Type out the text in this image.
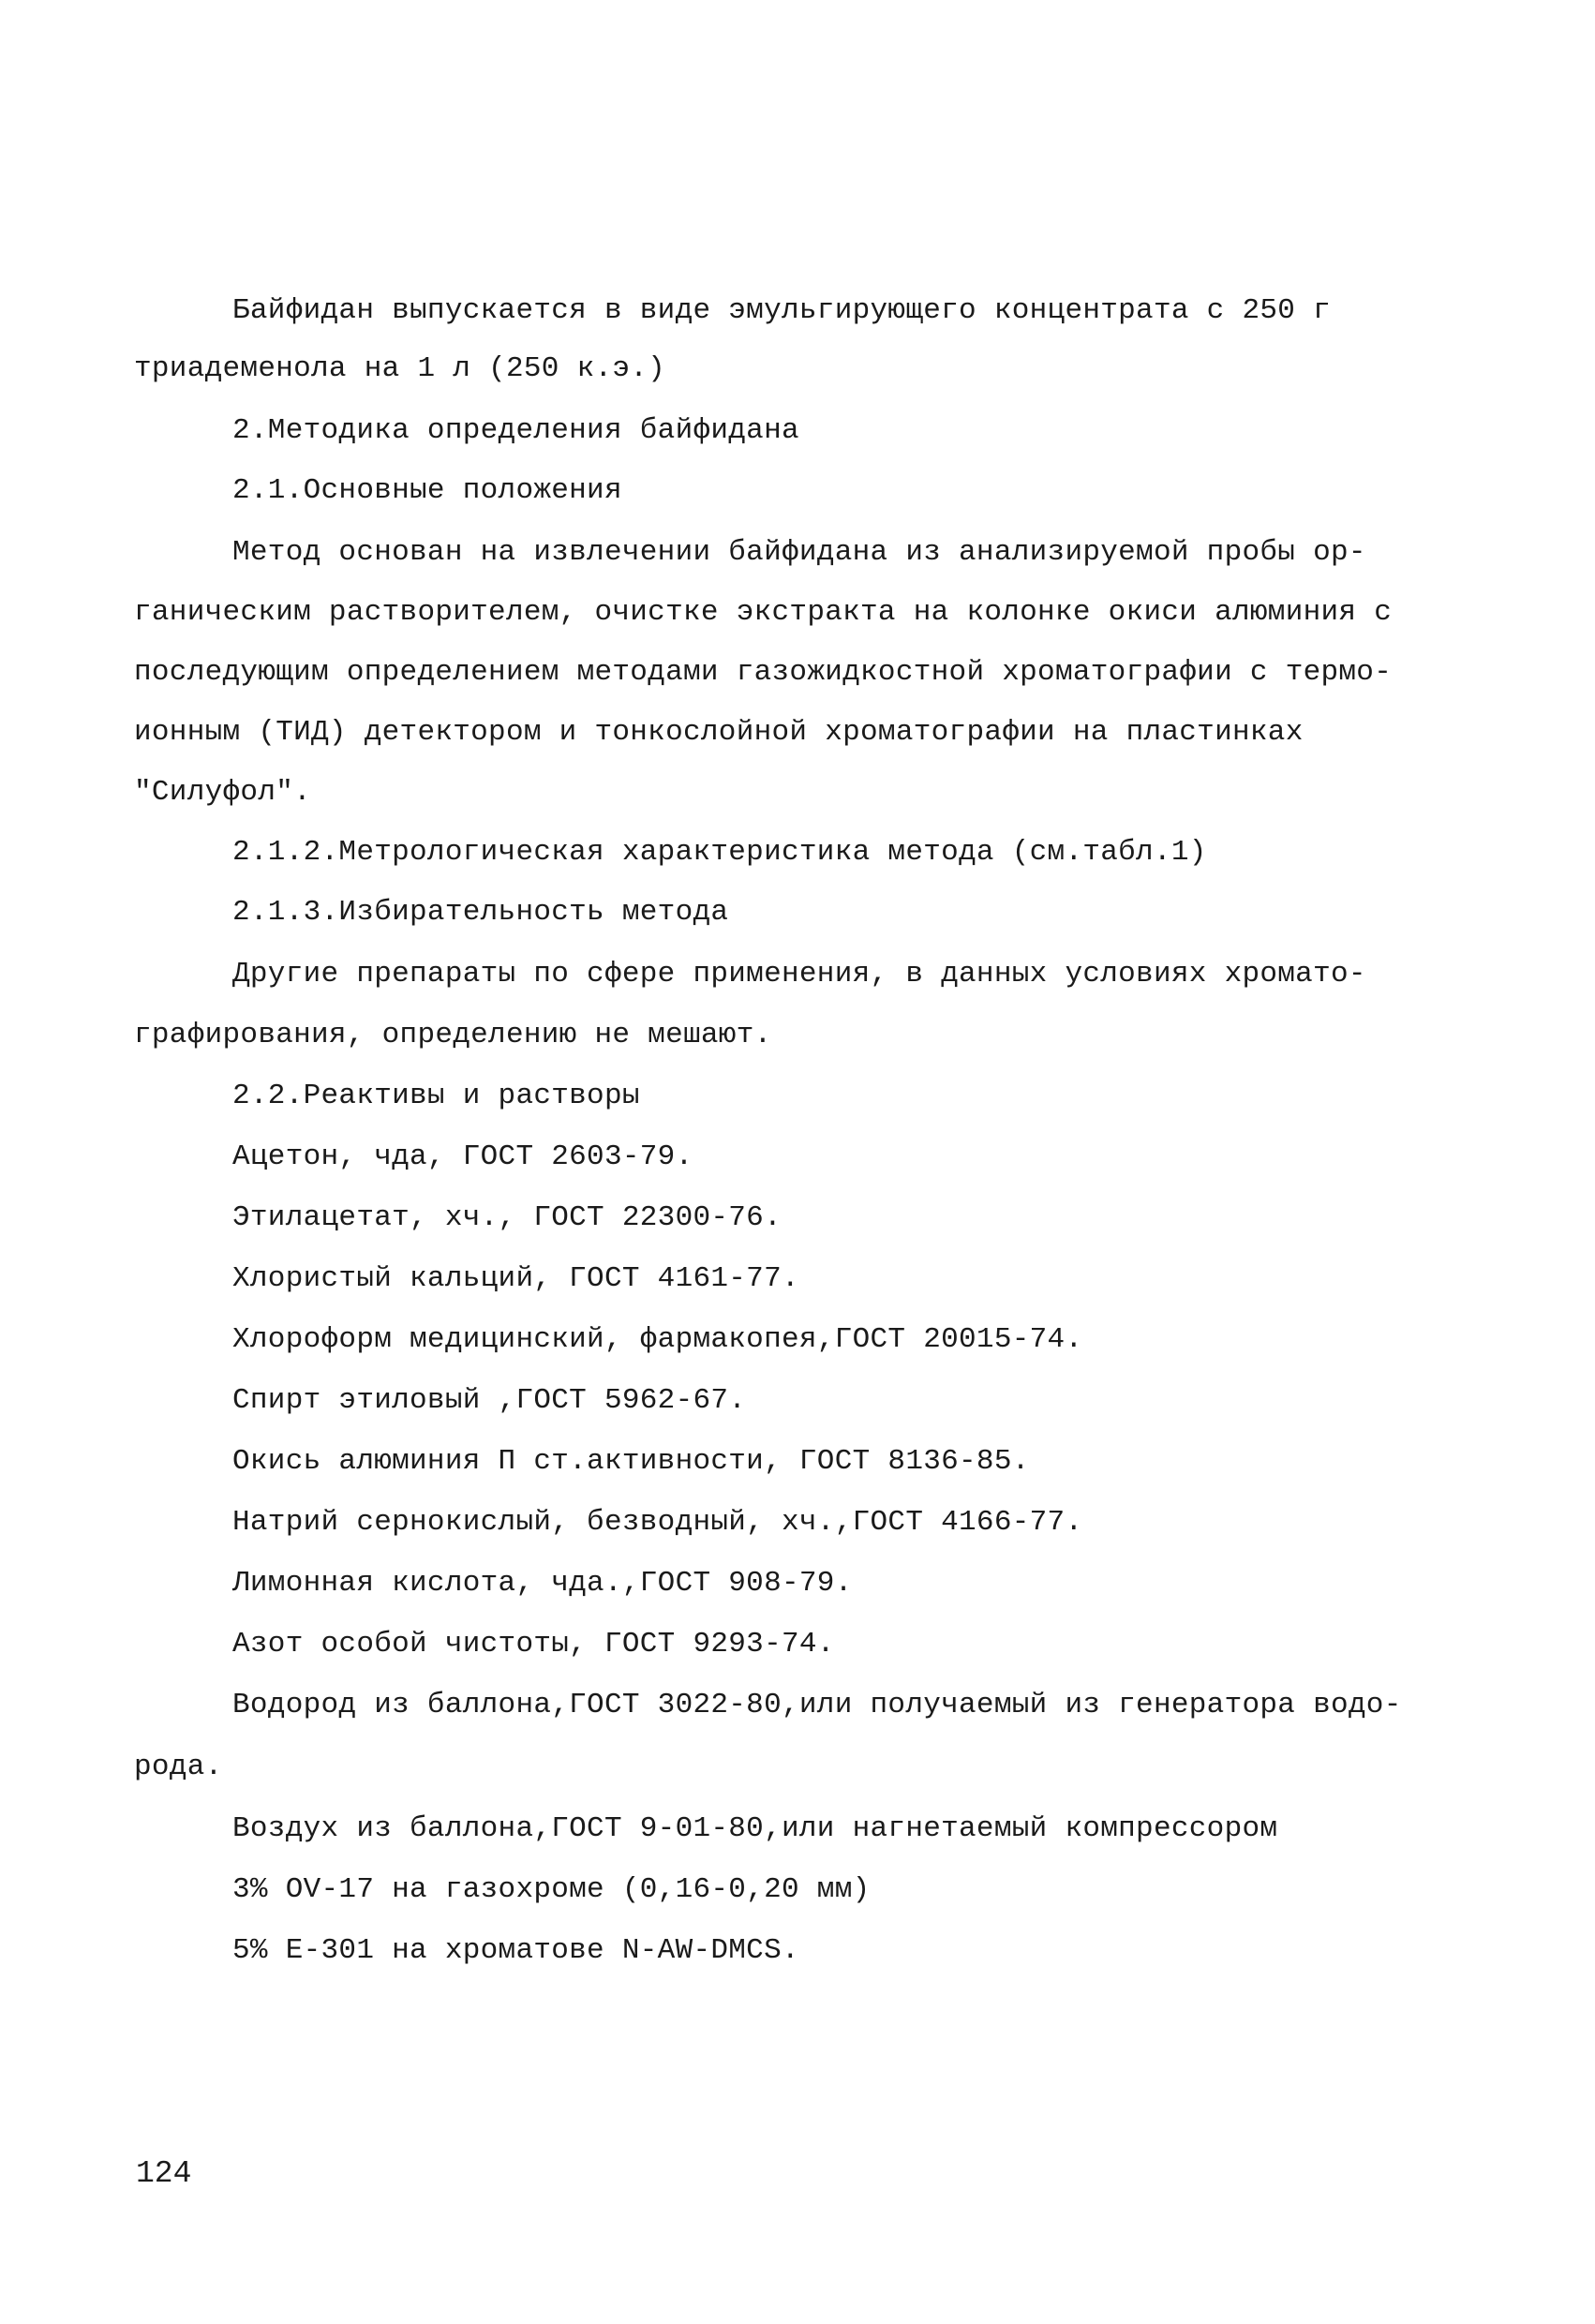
Байфидан выпускается в виде эмульгирующего концентрата с 250 г
триадеменола на 1 л (250 к.э.)
2.Методика определения байфидана
2.1.Основные положения
Метод основан на извлечении байфидана из анализируемой пробы ор-
ганическим растворителем, очистке экстракта на колонке окиси алюминия с
последующим определением методами газожидкостной хроматографии с термо-
ионным (ТИД) детектором и тонкослойной хроматографии на пластинках
"Силуфол".
2.1.2.Метрологическая характеристика метода (см.табл.1)
2.1.3.Избирательность метода
Другие препараты по сфере применения, в данных условиях хромато-
графирования, определению не мешают.
2.2.Реактивы и растворы
Ацетон, чда, ГОСТ 2603-79.
Этилацетат, хч., ГОСТ 22300-76.
Хлористый кальций, ГОСТ 4161-77.
Хлороформ медицинский, фармакопея,ГОСТ 20015-74.
Спирт этиловый ,ГОСТ 5962-67.
Окись алюминия П ст.активности, ГОСТ 8136-85.
Натрий сернокислый, безводный, хч.,ГОСТ 4166-77.
Лимонная кислота, чда.,ГОСТ 908-79.
Азот особой чистоты, ГОСТ 9293-74.
Водород из баллона,ГОСТ 3022-80,или получаемый из генератора водо-
рода.
Воздух из баллона,ГОСТ 9-01-80,или нагнетаемый компрессором
3% OV-17 на газохроме (0,16-0,20 мм)
5% E-301 на хроматове N-AW-DMCS.
124
